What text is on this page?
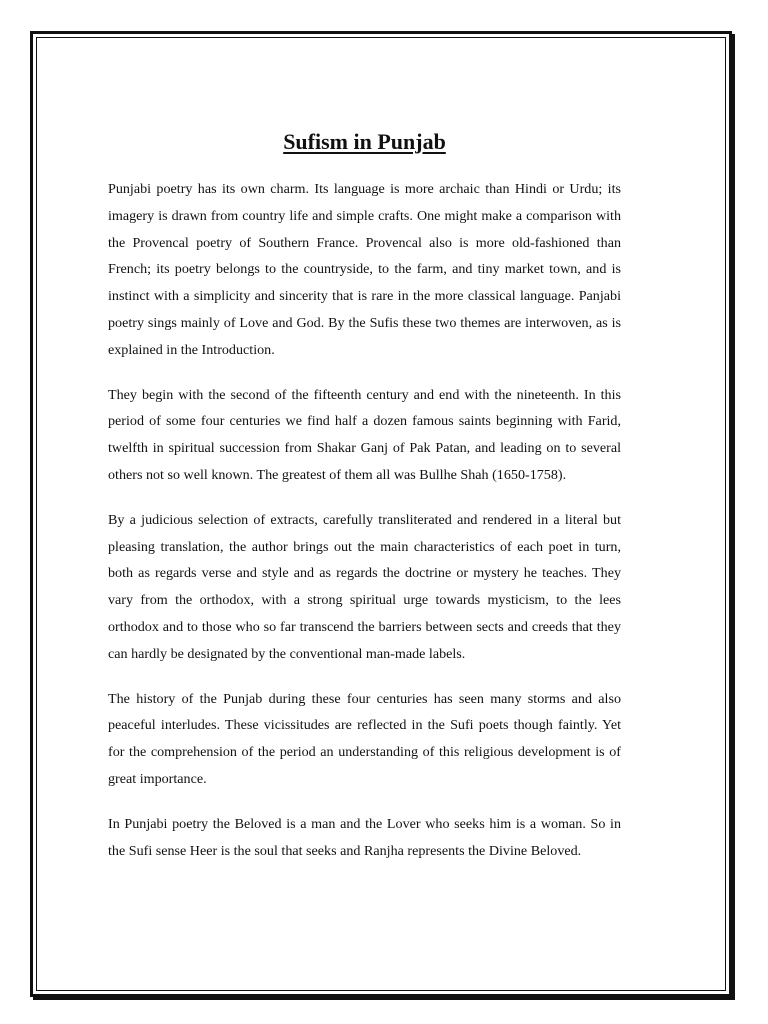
Sufism in Punjab

Punjabi poetry has its own charm. Its language is more archaic than Hindi or Urdu; its imagery is drawn from country life and simple crafts. One might make a comparison with the Provencal poetry of Southern France. Provencal also is more old-fashioned than French; its poetry belongs to the countryside, to the farm, and tiny market town, and is instinct with a simplicity and sincerity that is rare in the more classical language. Panjabi poetry sings mainly of Love and God. By the Sufis these two themes are interwoven, as is explained in the Introduction.

They begin with the second of the fifteenth century and end with the nineteenth. In this period of some four centuries we find half a dozen famous saints beginning with Farid, twelfth in spiritual succession from Shakar Ganj of Pak Patan, and leading on to several others not so well known. The greatest of them all was Bullhe Shah (1650-1758).

By a judicious selection of extracts, carefully transliterated and rendered in a literal but pleasing translation, the author brings out the main characteristics of each poet in turn, both as regards verse and style and as regards the doctrine or mystery he teaches. They vary from the orthodox, with a strong spiritual urge towards mysticism, to the lees orthodox and to those who so far transcend the barriers between sects and creeds that they can hardly be designated by the conventional man-made labels.

The history of the Punjab during these four centuries has seen many storms and also peaceful interludes. These vicissitudes are reflected in the Sufi poets though faintly. Yet for the comprehension of the period an understanding of this religious development is of great importance.

In Punjabi poetry the Beloved is a man and the Lover who seeks him is a woman. So in the Sufi sense Heer is the soul that seeks and Ranjha represents the Divine Beloved.
